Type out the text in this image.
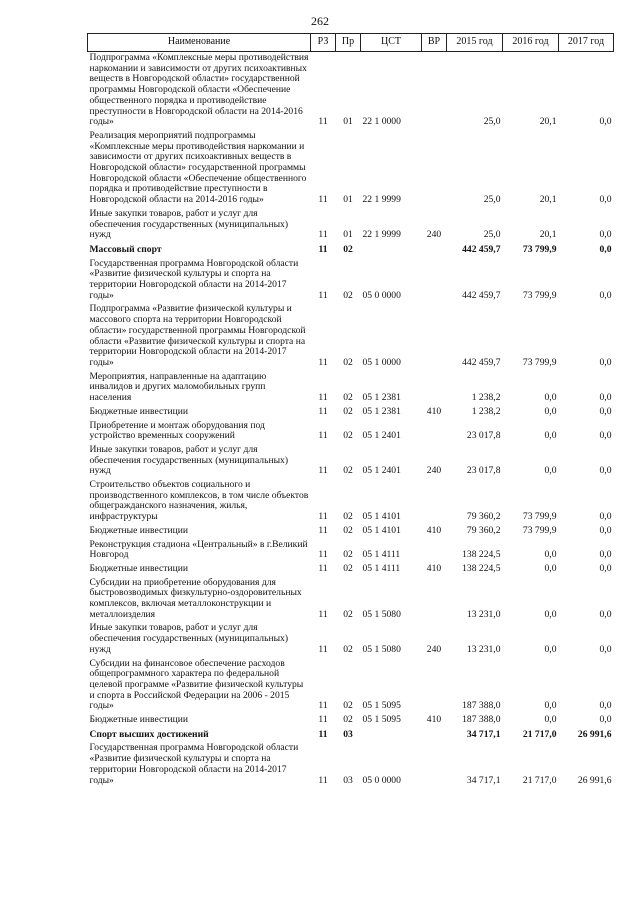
262
Наименование	РЗ	Пр	ЦСТ	ВР	2015 год	2016 год	2017 год
Подпрограмма «Комплексные меры противодействия наркомании и зависимости от других психоактивных веществ в Новгородской области» государственной программы Новгородской области «Обеспечение общественного порядка и противодействие преступности в Новгородской области на 2014-2016 годы»	11	01	22 1 0000		25,0	20,1	0,0
Реализация мероприятий подпрограммы «Комплексные меры противодействия наркомании и зависимости от других психоактивных веществ в Новгородской области» государственной программы Новгородской области «Обеспечение общественного порядка и противодействие преступности в Новгородской области на 2014-2016 годы»	11	01	22 1 9999		25,0	20,1	0,0
Иные закупки товаров, работ и услуг для обеспечения государственных (муниципальных) нужд	11	01	22 1 9999	240	25,0	20,1	0,0
Массовый спорт	11	02			442 459,7	73 799,9	0,0
Государственная программа Новгородской области «Развитие физической культуры и спорта на территории Новгородской области на 2014-2017 годы»	11	02	05 0 0000		442 459,7	73 799,9	0,0
Подпрограмма «Развитие физической культуры и массового спорта на территории Новгородской области» государственной программы Новгородской области «Развитие физической культуры и спорта на территории Новгородской области на 2014-2017 годы»	11	02	05 1 0000		442 459,7	73 799,9	0,0
Мероприятия, направленные на адаптацию инвалидов и других маломобильных групп населения	11	02	05 1 2381		1 238,2	0,0	0,0
Бюджетные инвестиции	11	02	05 1 2381	410	1 238,2	0,0	0,0
Приобретение и монтаж оборудования под устройство временных сооружений	11	02	05 1 2401		23 017,8	0,0	0,0
Иные закупки товаров, работ и услуг для обеспечения государственных (муниципальных) нужд	11	02	05 1 2401	240	23 017,8	0,0	0,0
Строительство объектов социального и производственного комплексов, в том числе объектов общегражданского назначения, жилья, инфраструктуры	11	02	05 1 4101		79 360,2	73 799,9	0,0
Бюджетные инвестиции	11	02	05 1 4101	410	79 360,2	73 799,9	0,0
Реконструкция стадиона «Центральный» в г.Великий Новгород	11	02	05 1 4111		138 224,5	0,0	0,0
Бюджетные инвестиции	11	02	05 1 4111	410	138 224,5	0,0	0,0
Субсидии на приобретение оборудования для быстровозводимых физкультурно-оздоровительных комплексов, включая металлоконструкции и металлоизделия	11	02	05 1 5080		13 231,0	0,0	0,0
Иные закупки товаров, работ и услуг для обеспечения государственных (муниципальных) нужд	11	02	05 1 5080	240	13 231,0	0,0	0,0
Субсидии на финансовое обеспечение расходов общепрограммного характера по федеральной целевой программе «Развитие физической культуры и спорта в Российской Федерации на 2006 - 2015 годы»	11	02	05 1 5095		187 388,0	0,0	0,0
Бюджетные инвестиции	11	02	05 1 5095	410	187 388,0	0,0	0,0
Спорт высших достижений	11	03			34 717,1	21 717,0	26 991,6
Государственная программа Новгородской области «Развитие физической культуры и спорта на территории Новгородской области на 2014-2017 годы»	11	03	05 0 0000		34 717,1	21 717,0	26 991,6
